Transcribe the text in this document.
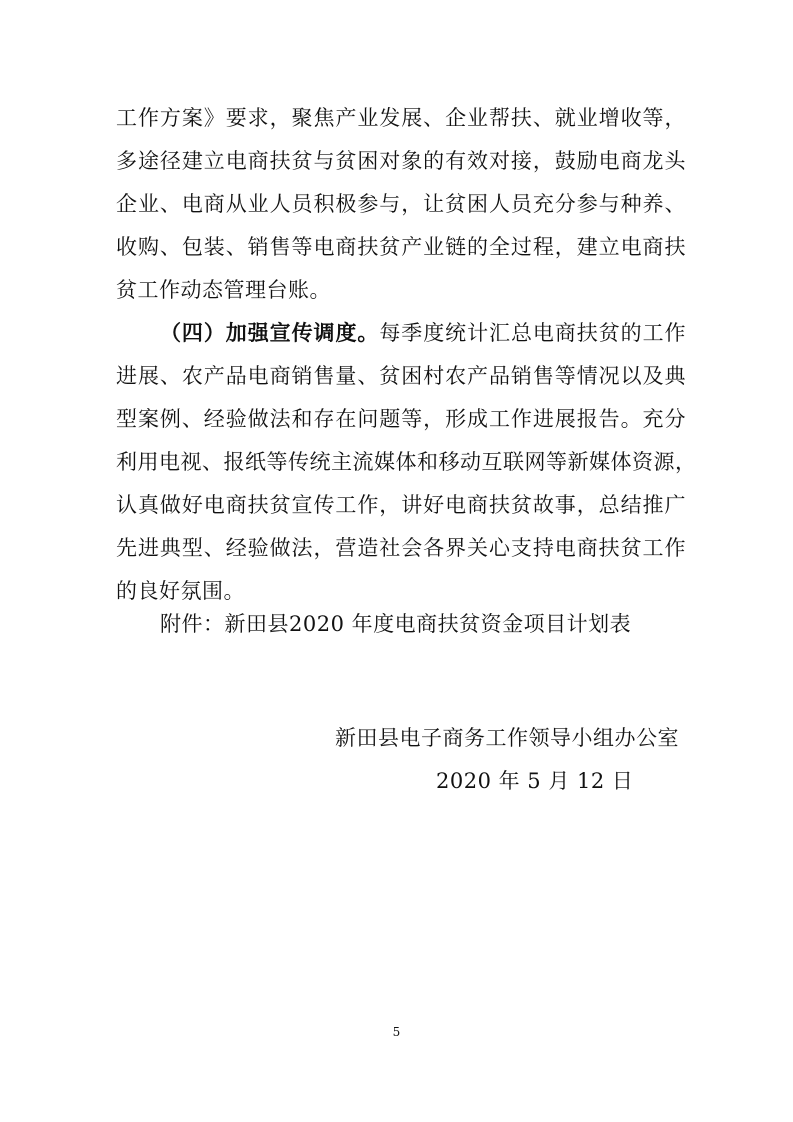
工作方案》要求，聚焦产业发展、企业帮扶、就业增收等，
多途径建立电商扶贫与贫困对象的有效对接，鼓励电商龙头
企业、电商从业人员积极参与，让贫困人员充分参与种养、
收购、包装、销售等电商扶贫产业链的全过程，建立电商扶
贫工作动态管理台账。
（四）加强宣传调度。每季度统计汇总电商扶贫的工作
进展、农产品电商销售量、贫困村农产品销售等情况以及典
型案例、经验做法和存在问题等，形成工作进展报告。充分
利用电视、报纸等传统主流媒体和移动互联网等新媒体资源，
认真做好电商扶贫宣传工作，讲好电商扶贫故事，总结推广
先进典型、经验做法，营造社会各界关心支持电商扶贫工作
的良好氛围。
附件：新田县2020 年度电商扶贫资金项目计划表
新田县电子商务工作领导小组办公室
2020 年 5 月 12 日
5
